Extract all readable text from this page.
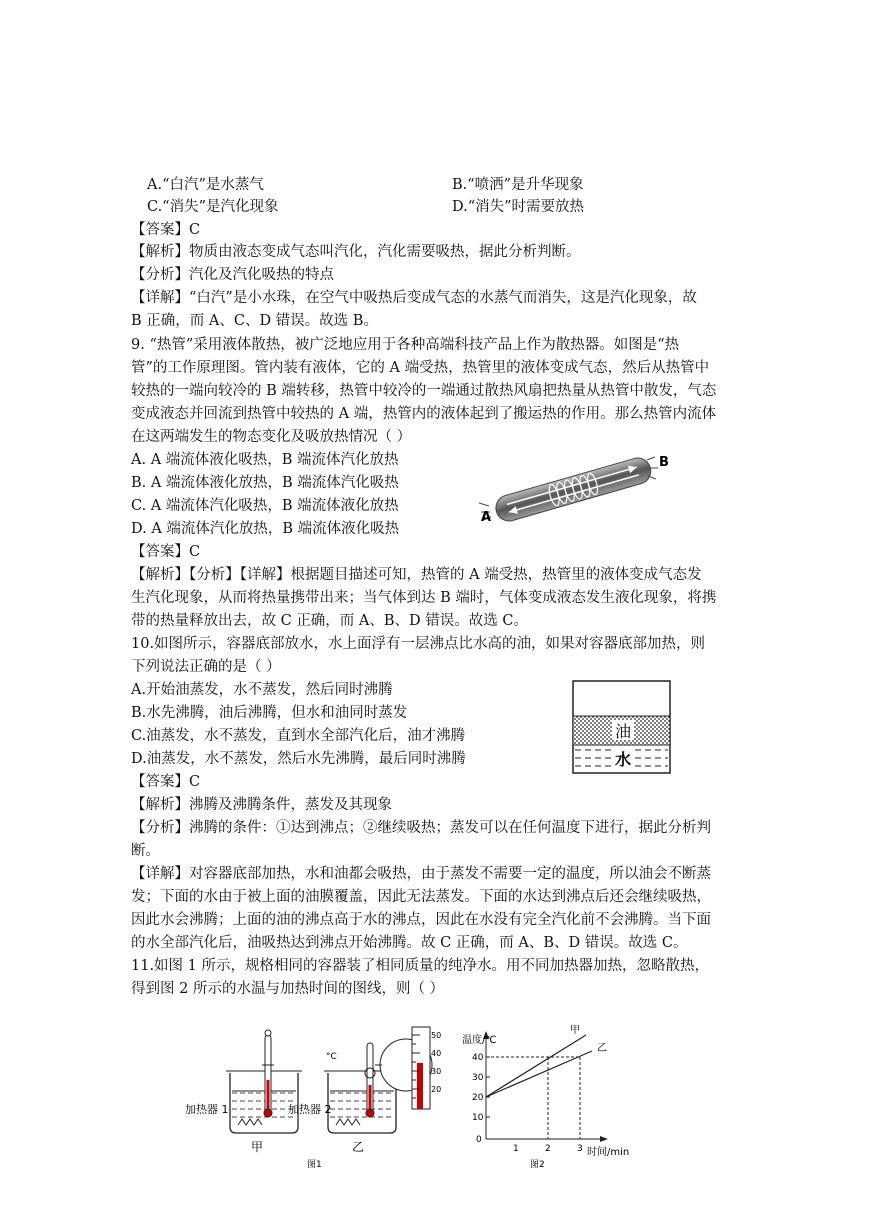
A.“白汽”是水蒸气	B.“喷洒”是升华现象
C.“消失”是汽化现象	D.“消失”时需要放热
【答案】C
【解析】物质由液态变成气态叫汽化，汽化需要吸热，据此分析判断。
【分析】汽化及汽化吸热的特点
【详解】“白汽”是小水珠，在空气中吸热后变成气态的水蒸气而消失，这是汽化现象，故
B 正确，而 A、C、D 错误。故选 B。
9. “热管”采用液体散热，被广泛地应用于各种高端科技产品上作为散热器。如图是“热
管”的工作原理图。管内装有液体，它的 A 端受热，热管里的液体变成气态，然后从热管中
较热的一端向较冷的 B 端转移，热管中较冷的一端通过散热风扇把热量从热管中散发，气态
变成液态并回流到热管中较热的 A 端，热管内的液体起到了搬运热的作用。那么热管内流体
在这两端发生的物态变化及吸放热情况（ ）
A. A 端流体液化吸热，B 端流体汽化放热
B. A 端流体液化放热，B 端流体汽化吸热
C. A 端流体汽化吸热，B 端流体液化放热
D. A 端流体汽化放热，B 端流体液化吸热
A
B
【答案】C
【解析】【分析】【详解】根据题目描述可知，热管的 A 端受热，热管里的液体变成气态发
生汽化现象，从而将热量携带出来；当气体到达 B 端时，气体变成液态发生液化现象，将携
带的热量释放出去，故 C 正确，而 A、B、D 错误。故选 C。
10.如图所示，容器底部放水，水上面浮有一层沸点比水高的油，如果对容器底部加热，则
下列说法正确的是（ ）
A.开始油蒸发，水不蒸发，然后同时沸腾
B.水先沸腾，油后沸腾，但水和油同时蒸发
C.油蒸发，水不蒸发，直到水全部汽化后，油才沸腾
D.油蒸发，水不蒸发，然后水先沸腾，最后同时沸腾
油
水
【答案】C
【解析】沸腾及沸腾条件，蒸发及其现象
【分析】沸腾的条件：①达到沸点；②继续吸热；蒸发可以在任何温度下进行，据此分析判
断。
【详解】对容器底部加热，水和油都会吸热，由于蒸发不需要一定的温度，所以油会不断蒸
发；下面的水由于被上面的油膜覆盖，因此无法蒸发。下面的水达到沸点后还会继续吸热，
因此水会沸腾；上面的油的沸点高于水的沸点，因此在水没有完全汽化前不会沸腾。当下面
的水全部汽化后，油吸热达到沸点开始沸腾。故 C 正确，而 A、B、D 错误。故选 C。
11.如图 1 所示，规格相同的容器装了相同质量的纯净水。用不同加热器加热，忽略散热，
得到图 2 所示的水温与加热时间的图线，则（ ）
加热器 1
甲
°C
加热器 2
乙
50
40
30
20
图1
温度/℃
时间/min
40
30
20
10
0
1	2	3
甲
乙
图2
